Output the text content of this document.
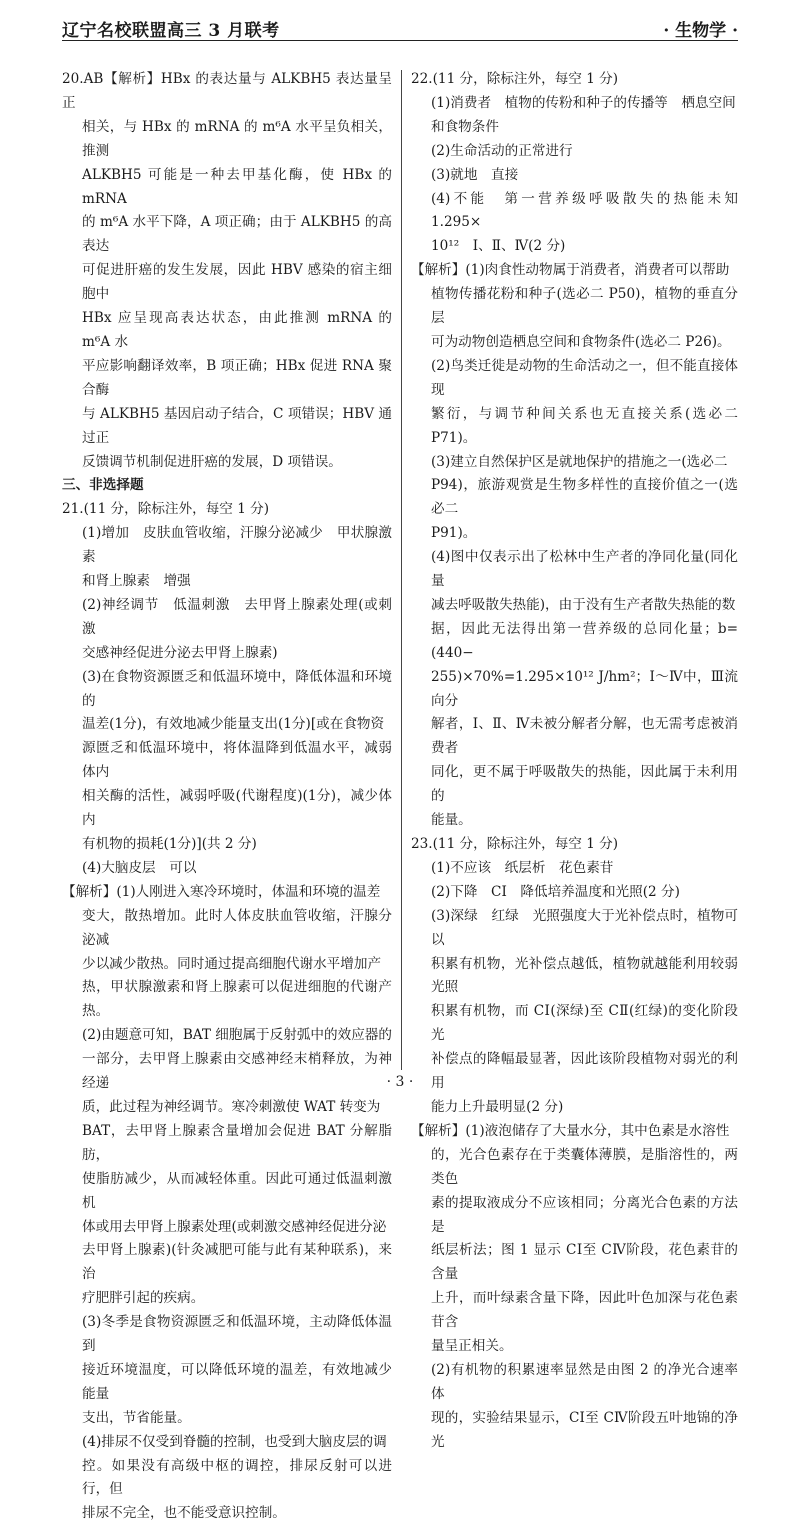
辽宁名校联盟高三 3 月联考	· 生物学 ·

20.AB【解析】HBx 的表达量与 ALKBH5 表达量呈正

相关，与 HBx 的 mRNA 的 m⁶A 水平呈负相关，推测

ALKBH5 可能是一种去甲基化酶，使 HBx 的 mRNA

的 m⁶A 水平下降，A 项正确；由于 ALKBH5 的高表达

可促进肝癌的发生发展，因此 HBV 感染的宿主细胞中

HBx 应呈现高表达状态，由此推测 mRNA 的 m⁶A 水

平应影响翻译效率，B 项正确；HBx 促进 RNA 聚合酶

与 ALKBH5 基因启动子结合，C 项错误；HBV 通过正

反馈调节机制促进肝癌的发展，D 项错误。

三、非选择题

21.(11 分，除标注外，每空 1 分)

(1)增加　皮肤血管收缩，汗腺分泌减少　甲状腺激素

和肾上腺素　增强

(2)神经调节　低温刺激　去甲肾上腺素处理(或刺激

交感神经促进分泌去甲肾上腺素)

(3)在食物资源匮乏和低温环境中，降低体温和环境的

温差(1分)，有效地减少能量支出(1分)[或在食物资

源匮乏和低温环境中，将体温降到低温水平，减弱体内

相关酶的活性，减弱呼吸(代谢程度)(1分)，减少体内

有机物的损耗(1分)](共 2 分)

(4)大脑皮层　可以

【解析】(1)人刚进入寒冷环境时，体温和环境的温差

变大，散热增加。此时人体皮肤血管收缩，汗腺分泌减

少以减少散热。同时通过提高细胞代谢水平增加产

热，甲状腺激素和肾上腺素可以促进细胞的代谢产热。

(2)由题意可知，BAT 细胞属于反射弧中的效应器的

一部分，去甲肾上腺素由交感神经末梢释放，为神经递

质，此过程为神经调节。寒冷刺激使 WAT 转变为

BAT，去甲肾上腺素含量增加会促进 BAT 分解脂肪，

使脂肪减少，从而减轻体重。因此可通过低温刺激机

体或用去甲肾上腺素处理(或刺激交感神经促进分泌

去甲肾上腺素)(针灸减肥可能与此有某种联系)，来治

疗肥胖引起的疾病。

(3)冬季是食物资源匮乏和低温环境，主动降低体温到

接近环境温度，可以降低环境的温差，有效地减少能量

支出，节省能量。

(4)排尿不仅受到脊髓的控制，也受到大脑皮层的调

控。如果没有高级中枢的调控，排尿反射可以进行，但

排尿不完全，也不能受意识控制。

22.(11 分，除标注外，每空 1 分)

(1)消费者　植物的传粉和种子的传播等　栖息空间

和食物条件

(2)生命活动的正常进行

(3)就地　直接

(4)不能　第一营养级呼吸散失的热能未知　1.295×

10¹²　Ⅰ、Ⅱ、Ⅳ(2 分)

【解析】(1)肉食性动物属于消费者，消费者可以帮助

植物传播花粉和种子(选必二 P50)，植物的垂直分层

可为动物创造栖息空间和食物条件(选必二 P26)。

(2)鸟类迁徙是动物的生命活动之一，但不能直接体现

繁衍，与调节种间关系也无直接关系(选必二 P71)。

(3)建立自然保护区是就地保护的措施之一(选必二

P94)，旅游观赏是生物多样性的直接价值之一(选必二

P91)。

(4)图中仅表示出了松林中生产者的净同化量(同化量

减去呼吸散失热能)，由于没有生产者散失热能的数

据，因此无法得出第一营养级的总同化量；b=(440−

255)×70%=1.295×10¹² J/hm²；Ⅰ～Ⅳ中，Ⅲ流向分

解者，Ⅰ、Ⅱ、Ⅳ未被分解者分解，也无需考虑被消费者

同化，更不属于呼吸散失的热能，因此属于未利用的

能量。

23.(11 分，除标注外，每空 1 分)

(1)不应该　纸层析　花色素苷

(2)下降　CⅠ　降低培养温度和光照(2 分)

(3)深绿　红绿　光照强度大于光补偿点时，植物可以

积累有机物，光补偿点越低，植物就越能利用较弱光照

积累有机物，而 CⅠ(深绿)至 CⅡ(红绿)的变化阶段光

补偿点的降幅最显著，因此该阶段植物对弱光的利用

能力上升最明显(2 分)

【解析】(1)液泡储存了大量水分，其中色素是水溶性

的，光合色素存在于类囊体薄膜，是脂溶性的，两类色

素的提取液成分不应该相同；分离光合色素的方法是

纸层析法；图 1 显示 CⅠ至 CⅣ阶段，花色素苷的含量

上升，而叶绿素含量下降，因此叶色加深与花色素苷含

量呈正相关。

(2)有机物的积累速率显然是由图 2 的净光合速率体

现的，实验结果显示，CⅠ至 CⅣ阶段五叶地锦的净光

· 3 ·
